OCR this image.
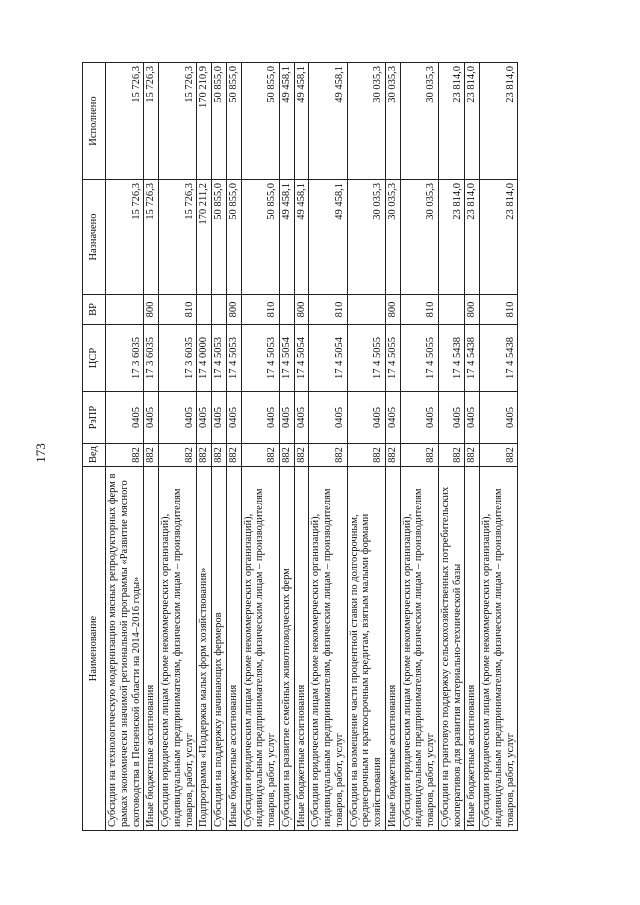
173
Наименование	Вед	РзПР	ЦСР	ВР	Назначено	Исполнено
Субсидии на технологическую модернизацию мясных репродукторных ферм в рамках экономически значимой региональной программы «Развитие мясного скотоводства в Пензенской области на 2014–2016 годы»	882	0405	17 3 6035		15 726,3	15 726,3
Иные бюджетные ассигнования	882	0405	17 3 6035	800	15 726,3	15 726,3
Субсидии юридическим лицам (кроме некоммерческих организаций), индивидуальным предпринимателям, физическим лицам – производителям товаров, работ, услуг	882	0405	17 3 6035	810	15 726,3	15 726,3
Подпрограмма «Поддержка малых форм хозяйствования»	882	0405	17 4 0000		170 211,2	170 210,9
Субсидии на поддержку начинающих фермеров	882	0405	17 4 5053		50 855,0	50 855,0
Иные бюджетные ассигнования	882	0405	17 4 5053	800	50 855,0	50 855,0
Субсидии юридическим лицам (кроме некоммерческих организаций), индивидуальным предпринимателям, физическим лицам – производителям товаров, работ, услуг	882	0405	17 4 5053	810	50 855,0	50 855,0
Субсидии на развитие семейных животноводческих ферм	882	0405	17 4 5054		49 458,1	49 458,1
Иные бюджетные ассигнования	882	0405	17 4 5054	800	49 458,1	49 458,1
Субсидии юридическим лицам (кроме некоммерческих организаций), индивидуальным предпринимателям, физическим лицам – производителям товаров, работ, услуг	882	0405	17 4 5054	810	49 458,1	49 458,1
Субсидии на возмещение части процентной ставки по долгосрочным, среднесрочным и краткосрочным кредитам, взятым малыми формами хозяйствования	882	0405	17 4 5055		30 035,3	30 035,3
Иные бюджетные ассигнования	882	0405	17 4 5055	800	30 035,3	30 035,3
Субсидии юридическим лицам (кроме некоммерческих организаций), индивидуальным предпринимателям, физическим лицам – производителям товаров, работ, услуг	882	0405	17 4 5055	810	30 035,3	30 035,3
Субсидии на грантовую поддержку сельскохозяйственных потребительских кооперативов для развития материально-технической базы	882	0405	17 4 5438		23 814,0	23 814,0
Иные бюджетные ассигнования	882	0405	17 4 5438	800	23 814,0	23 814,0
Субсидии юридическим лицам (кроме некоммерческих организаций), индивидуальным предпринимателям, физическим лицам – производителям товаров, работ, услуг	882	0405	17 4 5438	810	23 814,0	23 814,0
